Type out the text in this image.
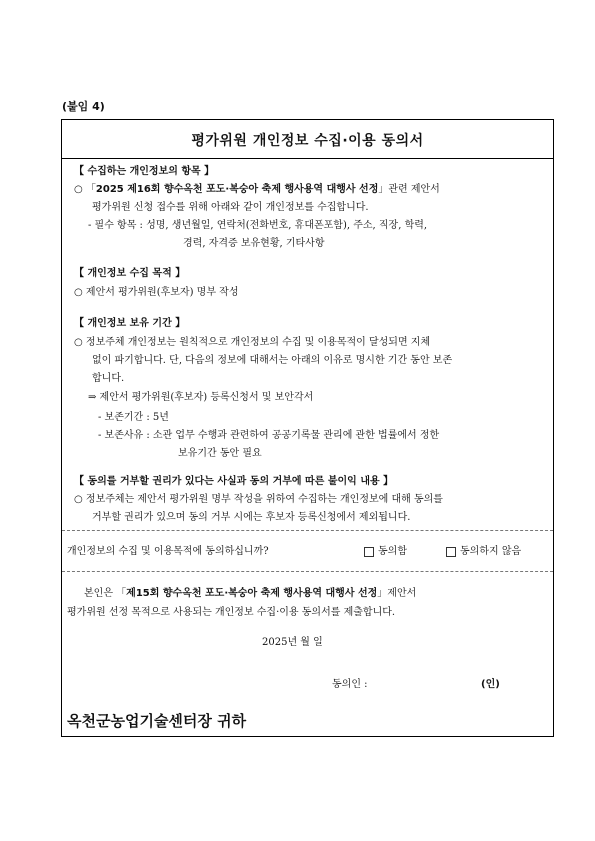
(붙임 4)
평가위원 개인정보 수집·이용 동의서
【 수집하는 개인정보의 항목 】
○ 「2025 제16회 향수옥천 포도·복숭아 축제 행사용역 대행사 선정」관련 제안서
평가위원 신청 접수를 위해 아래와 같이 개인정보를 수집합니다.
- 필수 항목 : 성명, 생년월일, 연락처(전화번호, 휴대폰포함), 주소, 직장, 학력,
경력, 자격증 보유현황, 기타사항
【 개인정보 수집 목적 】
○ 제안서 평가위원(후보자) 명부 작성
【 개인정보 보유 기간 】
○ 정보주체 개인정보는 원칙적으로 개인정보의 수집 및 이용목적이 달성되면 지체
없이 파기합니다. 단, 다음의 정보에 대해서는 아래의 이유로 명시한 기간 동안 보존
합니다.
⇒ 제안서 평가위원(후보자) 등록신청서 및 보안각서
- 보존기간 : 5년
- 보존사유 : 소관 업무 수행과 관련하여 공공기록물 관리에 관한 법률에서 정한
보유기간 동안 필요
【 동의를 거부할 권리가 있다는 사실과 동의 거부에 따른 불이익 내용 】
○ 정보주체는 제안서 평가위원 명부 작성을 위하여 수집하는 개인정보에 대해 동의를
거부할 권리가 있으며 동의 거부 시에는 후보자 등록신청에서 제외됩니다.
개인정보의 수집 및 이용목적에 동의하십니까?	동의함	동의하지 않음
본인은 「제15회 향수옥천 포도·복숭아 축제 행사용역 대행사 선정」제안서
평가위원 선정 목적으로 사용되는 개인정보 수집·이용 동의서를 제출합니다.
2025년 월 일
동의인 :	(인)
옥천군농업기술센터장 귀하
